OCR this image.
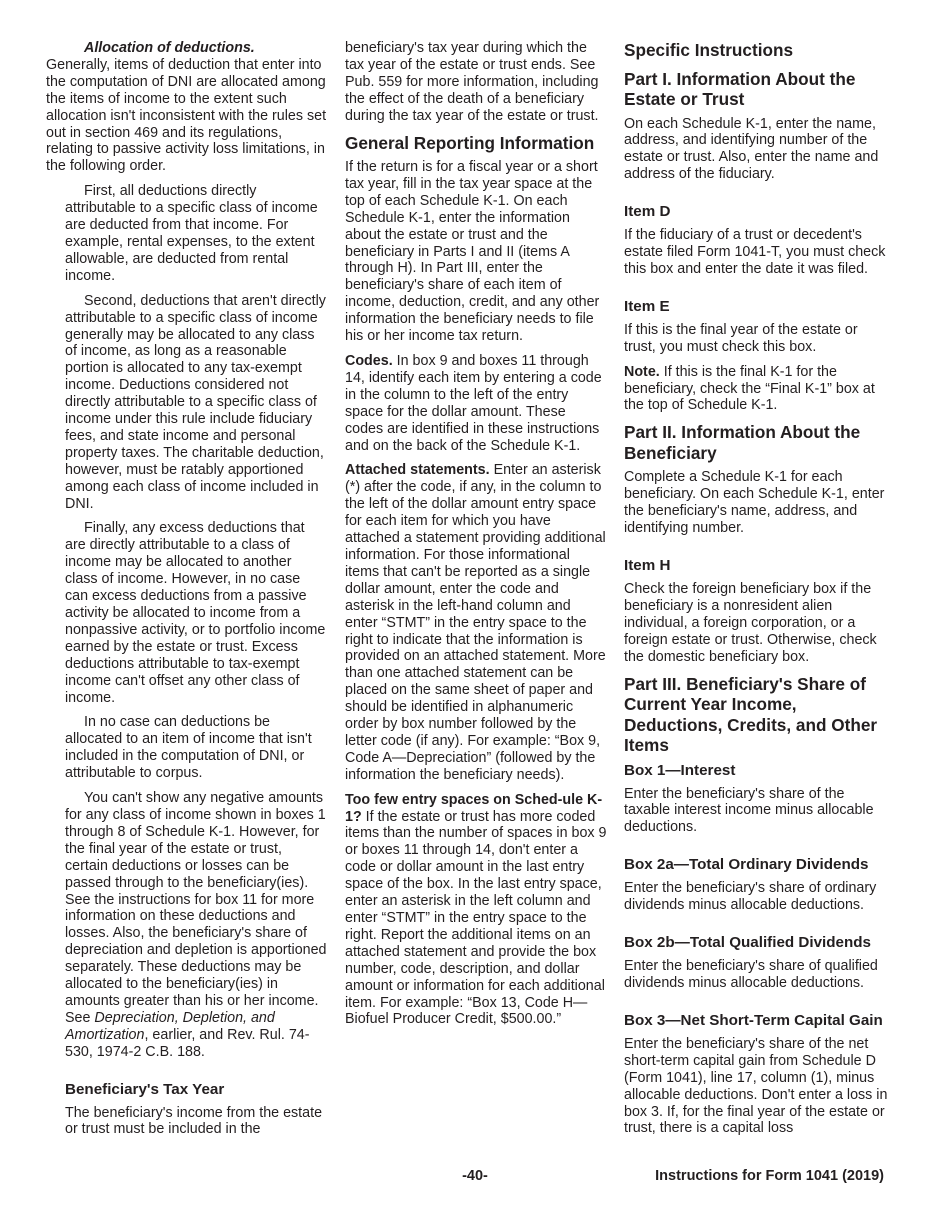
Allocation of deductions.
Generally, items of deduction that enter into the computation of DNI are allocated among the items of income to the extent such allocation isn't inconsistent with the rules set out in section 469 and its regulations, relating to passive activity loss limitations, in the following order.

First, all deductions directly attributable to a specific class of income are deducted from that income. For example, rental expenses, to the extent allowable, are deducted from rental income.

Second, deductions that aren't directly attributable to a specific class of income generally may be allocated to any class of income, as long as a reasonable portion is allocated to any tax-exempt income. Deductions considered not directly attributable to a specific class of income under this rule include fiduciary fees, and state income and personal property taxes. The charitable deduction, however, must be ratably apportioned among each class of income included in DNI.

Finally, any excess deductions that are directly attributable to a class of income may be allocated to another class of income. However, in no case can excess deductions from a passive activity be allocated to income from a nonpassive activity, or to portfolio income earned by the estate or trust. Excess deductions attributable to tax-exempt income can't offset any other class of income.

In no case can deductions be allocated to an item of income that isn't included in the computation of DNI, or attributable to corpus.

You can't show any negative amounts for any class of income shown in boxes 1 through 8 of Schedule K-1. However, for the final year of the estate or trust, certain deductions or losses can be passed through to the beneficiary(ies). See the instructions for box 11 for more information on these deductions and losses. Also, the beneficiary's share of depreciation and depletion is apportioned separately. These deductions may be allocated to the beneficiary(ies) in amounts greater than his or her income. See Depreciation, Depletion, and Amortization, earlier, and Rev. Rul. 74-530, 1974-2 C.B. 188.

Beneficiary's Tax Year

The beneficiary's income from the estate or trust must be included in the

beneficiary's tax year during which the tax year of the estate or trust ends. See Pub. 559 for more information, including the effect of the death of a beneficiary during the tax year of the estate or trust.

General Reporting Information

If the return is for a fiscal year or a short tax year, fill in the tax year space at the top of each Schedule K-1. On each Schedule K-1, enter the information about the estate or trust and the beneficiary in Parts I and II (items A through H). In Part III, enter the beneficiary's share of each item of income, deduction, credit, and any other information the beneficiary needs to file his or her income tax return.

Codes. In box 9 and boxes 11 through 14, identify each item by entering a code in the column to the left of the entry space for the dollar amount. These codes are identified in these instructions and on the back of the Schedule K-1.

Attached statements. Enter an asterisk (*) after the code, if any, in the column to the left of the dollar amount entry space for each item for which you have attached a statement providing additional information. For those informational items that can't be reported as a single dollar amount, enter the code and asterisk in the left-hand column and enter “STMT” in the entry space to the right to indicate that the information is provided on an attached statement. More than one attached statement can be placed on the same sheet of paper and should be identified in alphanumeric order by box number followed by the letter code (if any). For example: “Box 9, Code A—Depreciation” (followed by the information the beneficiary needs).

Too few entry spaces on Sched-ule K-1? If the estate or trust has more coded items than the number of spaces in box 9 or boxes 11 through 14, don't enter a code or dollar amount in the last entry space of the box. In the last entry space, enter an asterisk in the left column and enter “STMT” in the entry space to the right. Report the additional items on an attached statement and provide the box number, code, description, and dollar amount or information for each additional item. For example: “Box 13, Code H—Biofuel Producer Credit, $500.00.”

Specific Instructions
Part I. Information About the Estate or Trust

On each Schedule K-1, enter the name, address, and identifying number of the estate or trust. Also, enter the name and address of the fiduciary.

Item D

If the fiduciary of a trust or decedent's estate filed Form 1041-T, you must check this box and enter the date it was filed.

Item E

If this is the final year of the estate or trust, you must check this box.

Note. If this is the final K-1 for the beneficiary, check the “Final K-1” box at the top of Schedule K-1.

Part II. Information About the Beneficiary

Complete a Schedule K-1 for each beneficiary. On each Schedule K-1, enter the beneficiary's name, address, and identifying number.

Item H

Check the foreign beneficiary box if the beneficiary is a nonresident alien individual, a foreign corporation, or a foreign estate or trust. Otherwise, check the domestic beneficiary box.

Part III. Beneficiary's Share of Current Year Income, Deductions, Credits, and Other Items
Box 1—Interest

Enter the beneficiary's share of the taxable interest income minus allocable deductions.

Box 2a—Total Ordinary Dividends

Enter the beneficiary's share of ordinary dividends minus allocable deductions.

Box 2b—Total Qualified Dividends

Enter the beneficiary's share of qualified dividends minus allocable deductions.

Box 3—Net Short-Term Capital Gain

Enter the beneficiary's share of the net short-term capital gain from Schedule D (Form 1041), line 17, column (1), minus allocable deductions. Don't enter a loss in box 3. If, for the final year of the estate or trust, there is a capital loss

-40-	Instructions for Form 1041 (2019)
